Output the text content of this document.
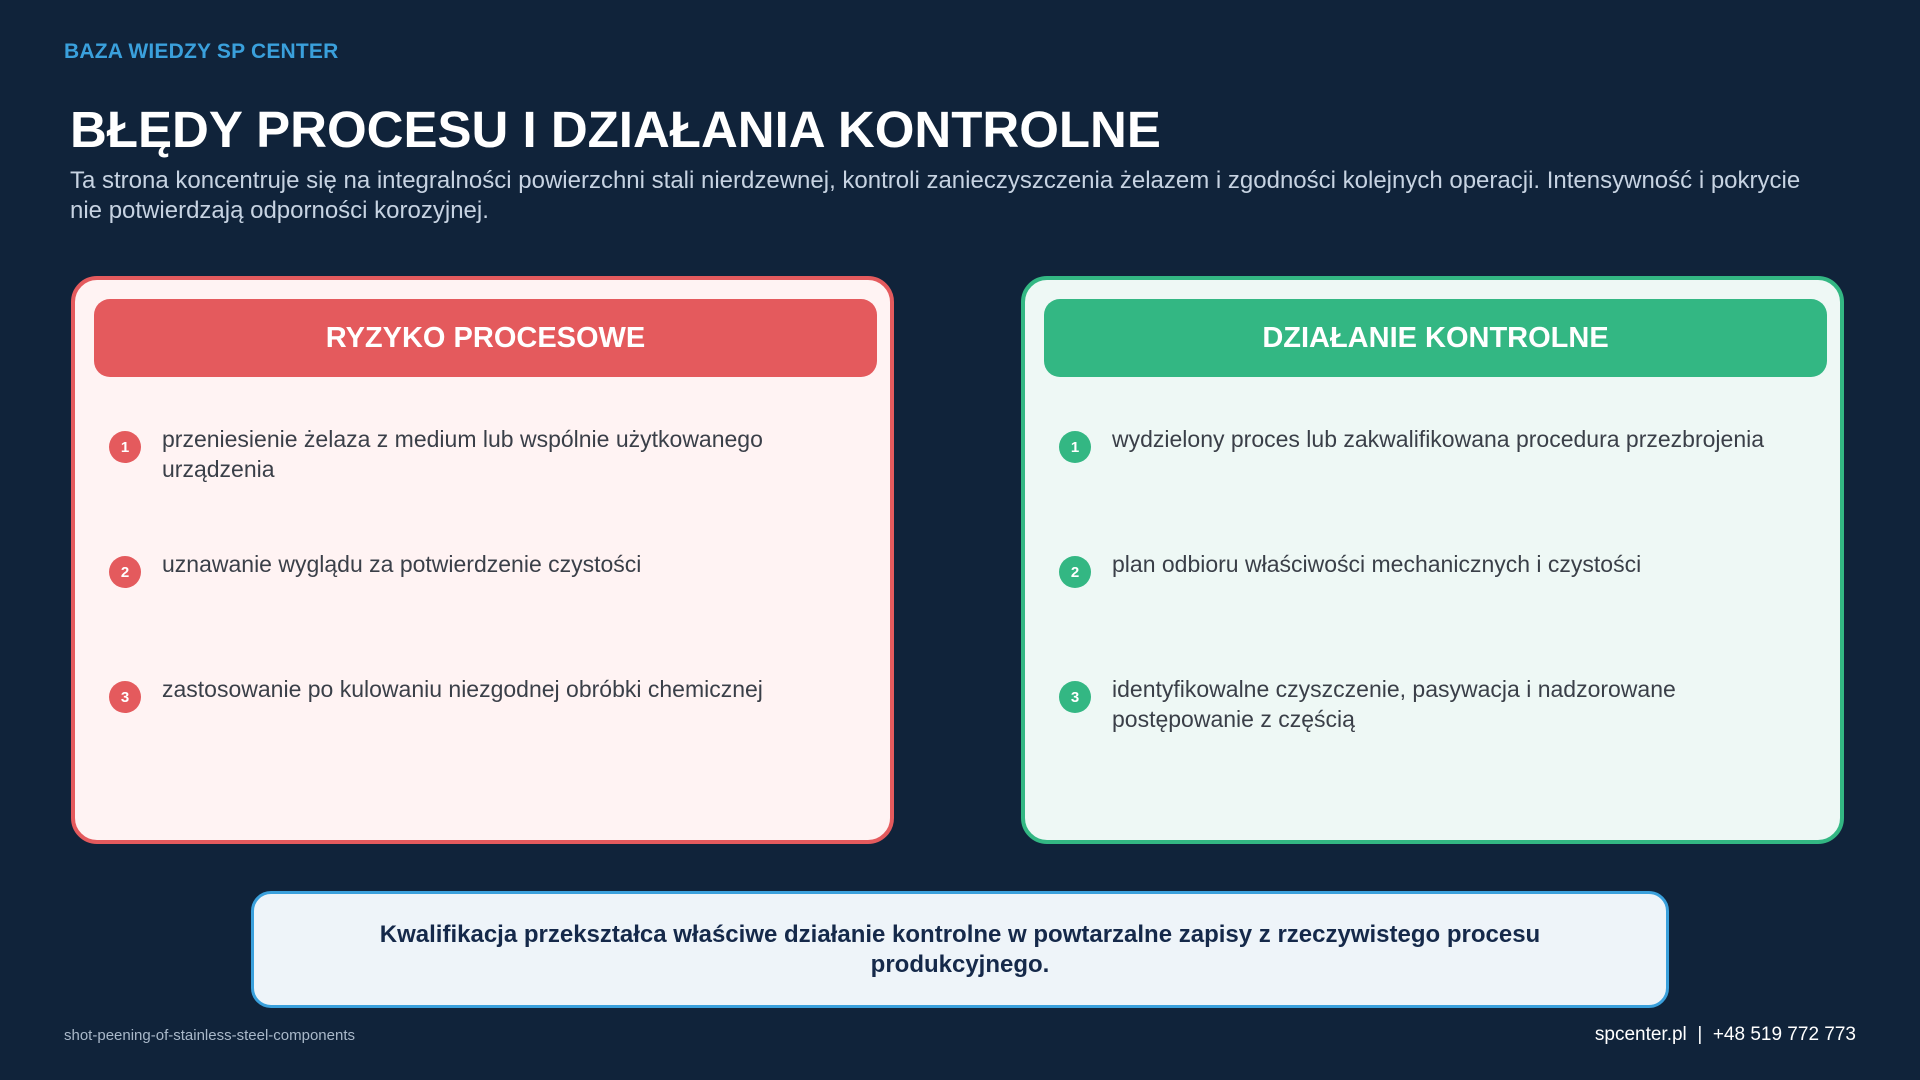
BAZA WIEDZY SP CENTER
BŁĘDY PROCESU I DZIAŁANIA KONTROLNE

Ta strona koncentruje się na integralności powierzchni stali nierdzewnej, kontroli zanieczyszczenia żelazem i zgodności kolejnych operacji. Intensywność i pokrycie nie potwierdzają odporności korozyjnej.

RYZYKO PROCESOWE
1	przeniesienie żelaza z medium lub wspólnie użytkowanego urządzenia
2	uznawanie wyglądu za potwierdzenie czystości
3	zastosowanie po kulowaniu niezgodnej obróbki chemicznej
DZIAŁANIE KONTROLNE
1	wydzielony proces lub zakwalifikowana procedura przezbrojenia
2	plan odbioru właściwości mechanicznych i czystości
3	identyfikowalne czyszczenie, pasywacja i nadzorowane postępowanie z częścią
Kwalifikacja przekształca właściwe działanie kontrolne w powtarzalne zapisy z rzeczywistego procesu produkcyjnego.
shot-peening-of-stainless-steel-components	spcenter.pl  |  +48 519 772 773
